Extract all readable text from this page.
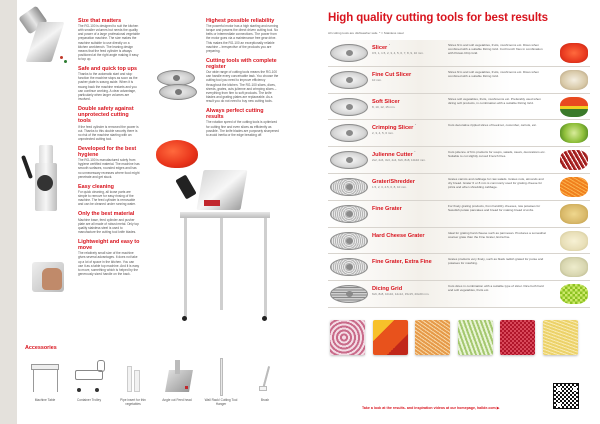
Size that matters
The RG-100 is designed to suit the kitchen with smaller volumes but needs the quality and power of a large professional vegetable preparation machine. The size makes the machine suitable to use directly on a kitchen workbench. The leaning design means that the feed cylinder is always positioned at the right angle making it easy to top up.
Safe and quick top ups
Thanks to the automatic start and stop function the machine stops as soon as the pusher plate is swung aside. When it is swung back the machine restarts and you can continue working. A clear advantage, particularly when larger volumes are involved.
Double safety against unprotected cutting tools
If the feed cylinder is removed the power is cut. Thanks to this double security there is no risk of the machine starting with an unprotected cutting tool.
Developed for the best hygiene
The RG-100 is manufactured solely from hygiene certified material. The machine has smooth surfaces, rounded edges and has no unnecessary recesses where food might penetrate and get stuck.
Easy cleaning
For quick cleaning, all loose parts are simple to remove for easy rinsing of the machine. The feed cylinder is removable and can be cleaned under running water.
Only the best material
Machine base, feed cylinder and pusher plate are all made of robust metal. Only top quality stainless steel is used to manufacture the cutting tool knife blades.
Lightweight and easy to move
The relatively small size of the machine gives several advantages. It does not take up a lot of space in the kitchen. You can use it as a table top machine. And it is easy to move, something which is helped by the generously sized handle on the back.
Highest possible reliability
The powerful motor has a high starting and running torque and powers the direct driven cutting tool. No belts or intermediate connections. The power from the motor goes via a maintenance free gear drive. This makes the RG-100 an exceptionally reliable machine – irrespective of the products you are preparing.
Cutting tools with complete register
Our wide range of cutting tools means the RG-100 can handle every conceivable task. You choose the cutting tool you need to improve efficiency throughout the kitchen. The RG-100 slices, dices, shreds, grates, cuts julienne and crimping slices – everything from firm to soft products. The knife blades and grating plates are replaceable. As a result you do not need to buy new cutting tools.
Always perfect cutting results
The rotation speed of the cutting tools is optimized for cutting fine and even slices as efficiently as possible. The knife blades are purposely sharpened to avoid inertia or the edge breaking off.
Accessories
Machine Table	Container Trolley	Pipe insert for thin vegetables
Angle cut Feed head	Wall Rack/ Cutting Tool Hanger
Brush
High quality cutting tools for best results
All cutting tools are dishwasher safe. * = Stainless steel
Slicer *
0.5, 1, 1.5, 2, 3, 4, 5, 6, 7, 8, 9, 10 mm.
Slices firm and soft vegetables, fruits, mushrooms etc. Dices when combined with a suitable Dicing Grid. Cut French fries in combination with Potato Chip Grid.
Fine Cut Slicer
10 mm.
Slices firm and soft vegetables, fruits, mushrooms etc. Dices when combined with a suitable Dicing Grid.
Soft Slicer
8, 10, 12, 15 mm.
Slices soft vegetables, fruits, mushrooms etc. Preferably used when dicing soft products, in combination with a suitable Dicing Grid.
Crimping Slicer *
2, 3, 4, 5, 6 mm.
Cuts decorative rippled slices of beetroot, cucumber, carrots, etc.
Julienne Cutter *
2x2, 2x6, 3x3, 4x4, 6x6, 8x8, 10x10 mm.
Cuts julienne of firm products for soups, salads, stews, decorations etc. Suitable to cut slightly curved French fries.
Grater/Shredder
1.5, 2, 3, 4.5, 6, 8, 10 mm.
Grates carrots and cabbage for raw salads. Grates nuts, almonds and dry bread. Grater 6 or 8 mm is commonly used for grating cheese for pizza and when shredding cabbage.
Fine Grater	For finely grating products, from hard/dry cheeses, raw potatoes for Swedish potato pancakes and bread for making bread crumbs.
Hard Cheese Grater	Ideal for grating hard cheese such as parmesan. Produces a somewhat coarser grate than the Fine Grater, Extra fine.
Fine Grater, Extra Fine	Grates products very finely, such as black radish grated for purée and potatoes for mashing.
Dicing Grid
6x6, 8x8, 10x10, 12x12, 15x15, 20x20 mm.
Cuts dices in combination with a suitable type of slicer. Dice both hard and soft vegetables, fruits etc.
Take a look at the results- and inspiration videos at our homepage, hallde.com ▶
